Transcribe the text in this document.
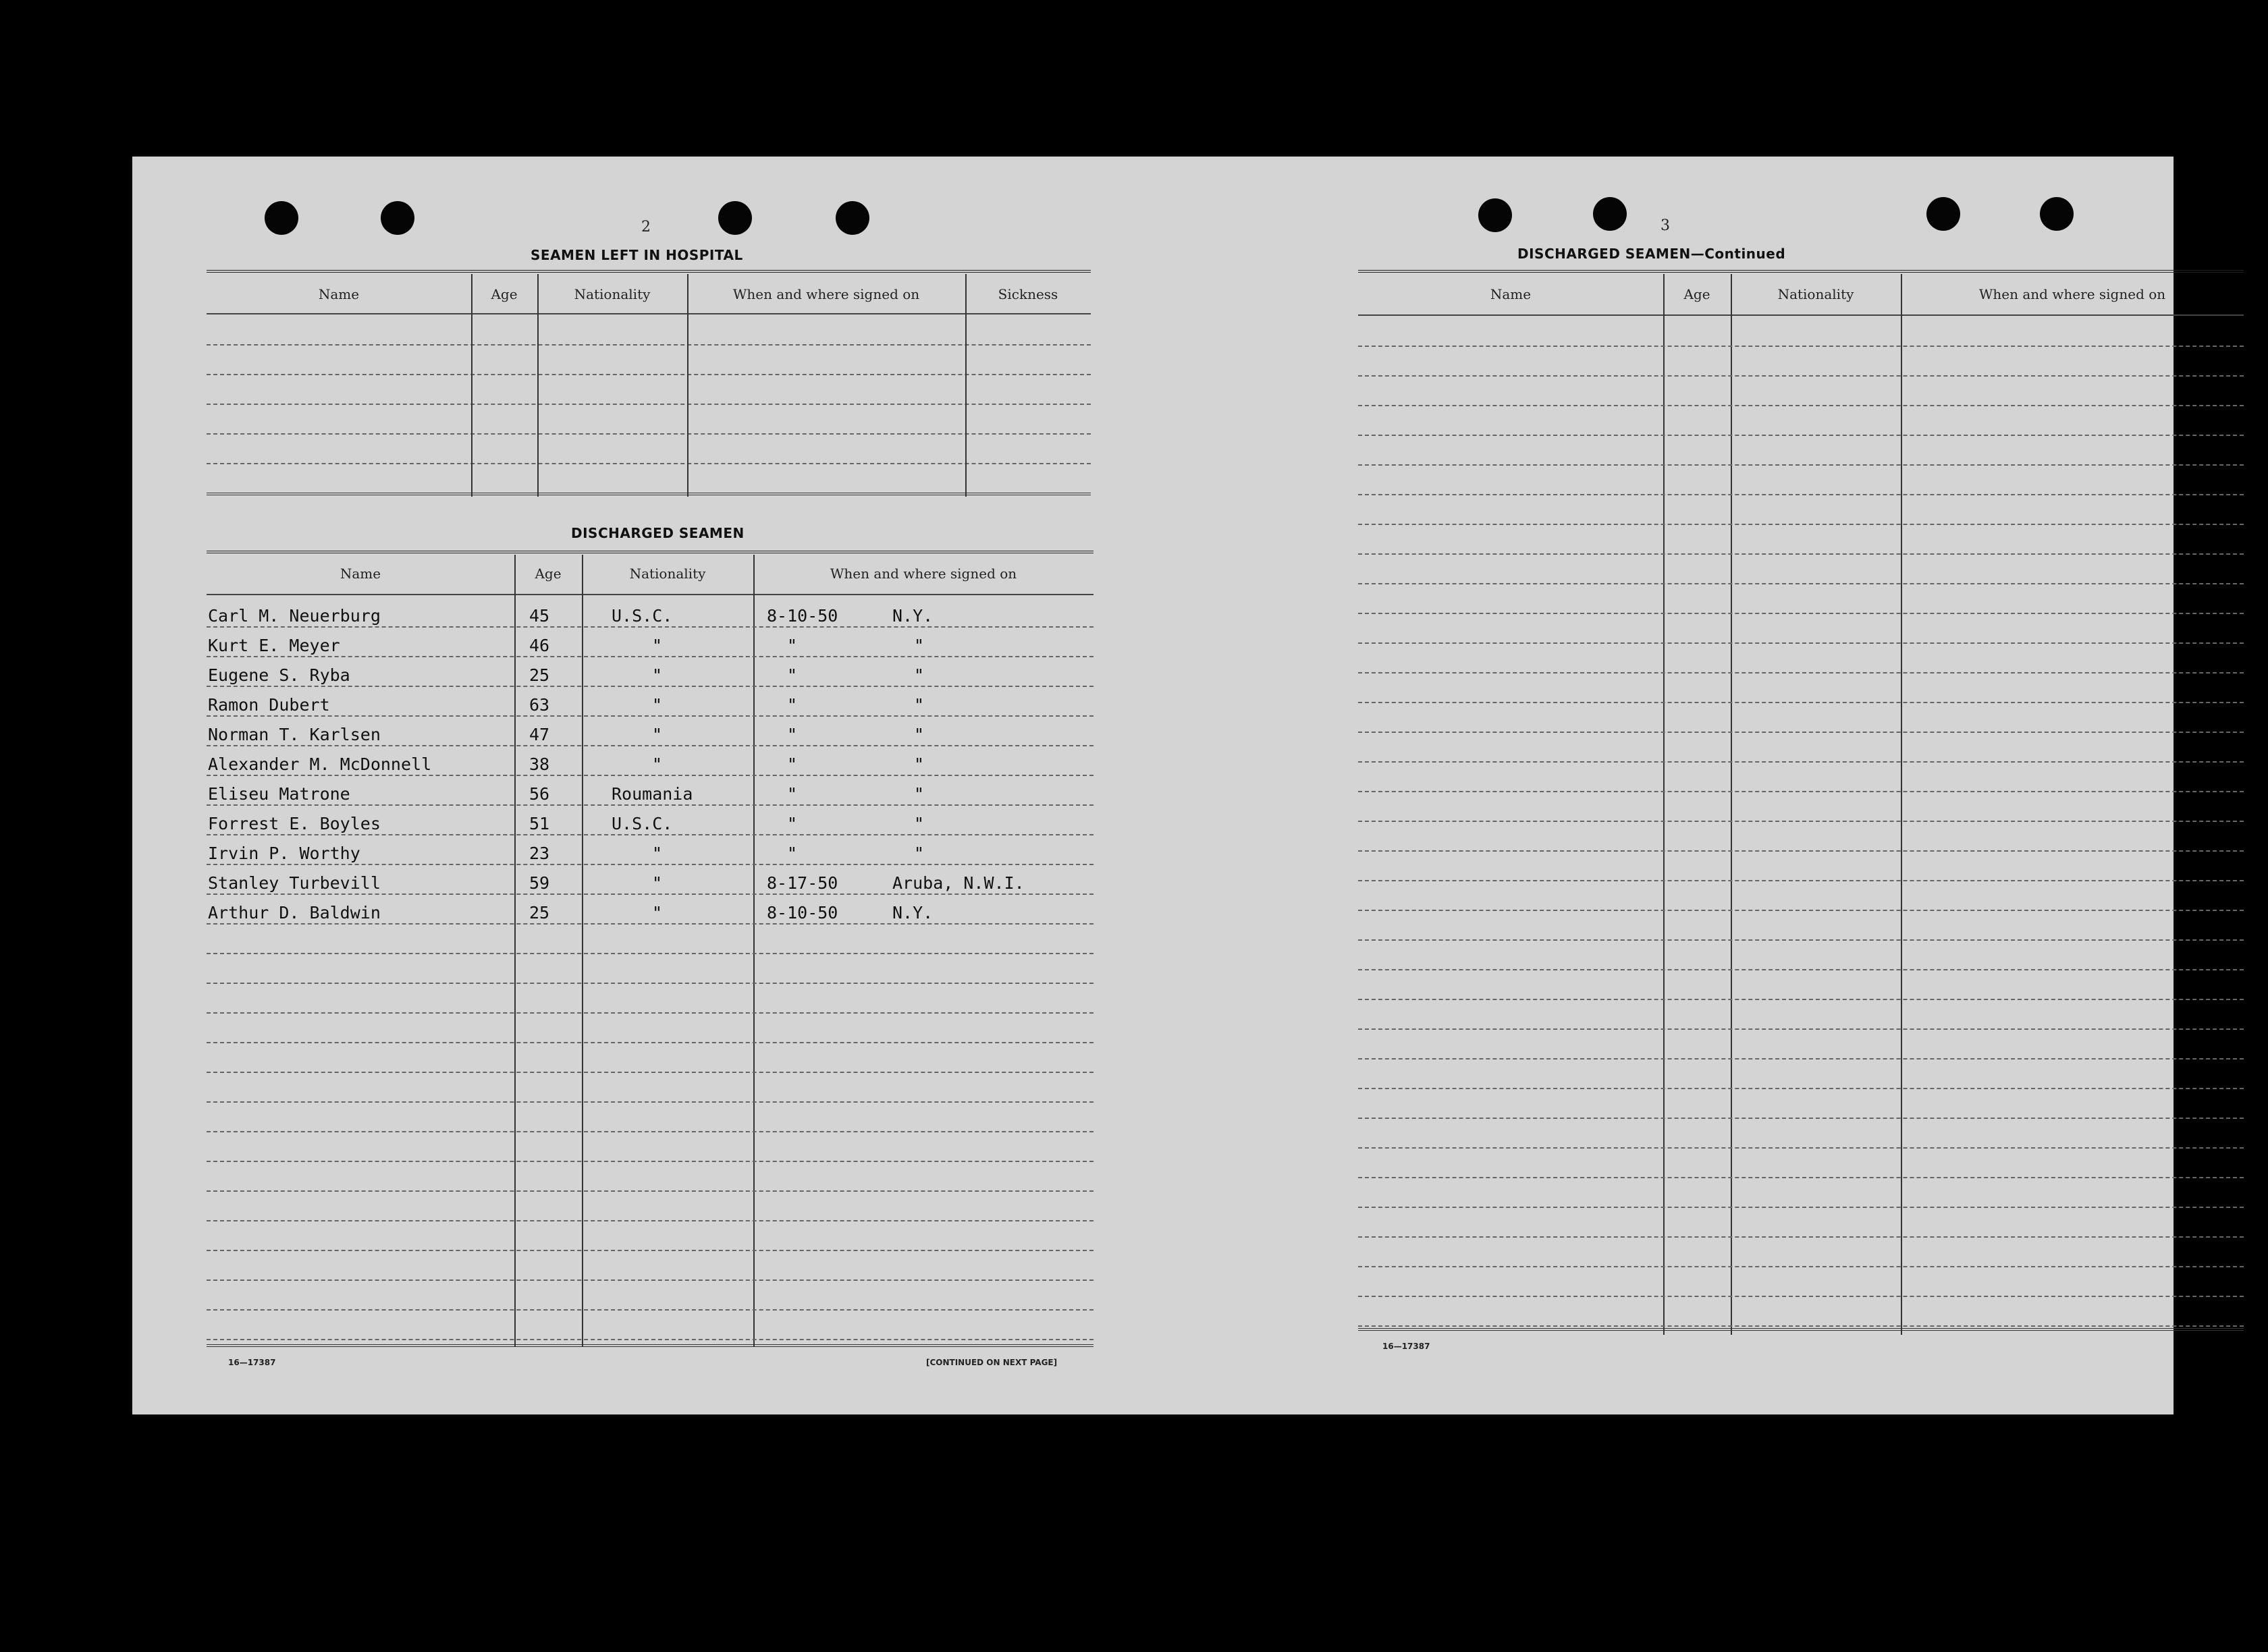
2
SEAMEN LEFT IN HOSPITAL
Name	Age	Nationality	When and where signed on	Sickness
DISCHARGED SEAMEN
Name	Age	Nationality	When and where signed on
Carl M. Neuerburg	45	U.S.C.	8-10-50	N.Y.
Kurt E. Meyer	46	"	"	"
Eugene S. Ryba	25	"	"	"
Ramon Dubert	63	"	"	"
Norman T. Karlsen	47	"	"	"
Alexander M. McDonnell	38	"	"	"
Eliseu Matrone	56	Roumania	"	"
Forrest E. Boyles	51	U.S.C.	"	"
Irvin P. Worthy	23	"	"	"
Stanley Turbevill	59	"	8-17-50	Aruba, N.W.I.
Arthur D. Baldwin	25	"	8-10-50	N.Y.
16—17387	[CONTINUED ON NEXT PAGE]
3
DISCHARGED SEAMEN—Continued
Name	Age	Nationality	When and where signed on
16—17387
